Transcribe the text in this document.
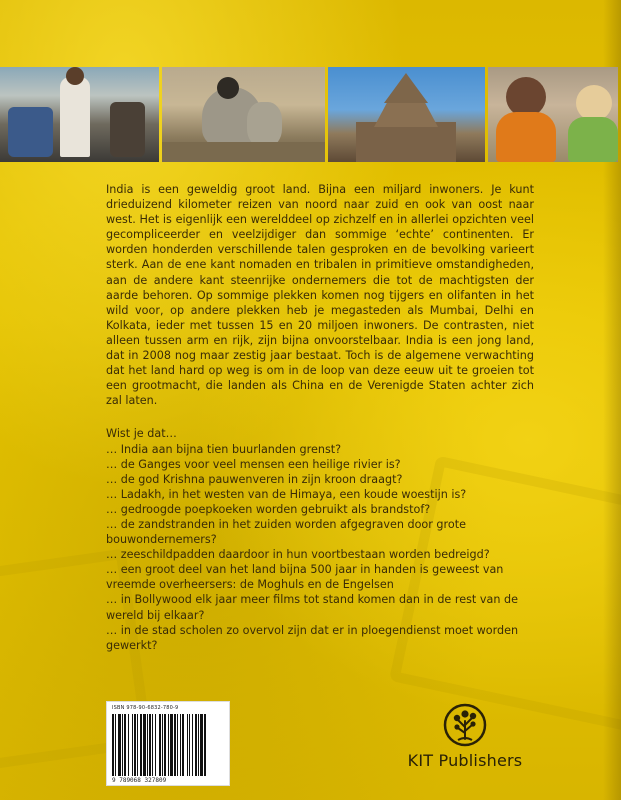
India is een geweldig groot land. Bijna een miljard inwoners. Je kunt drieduizend kilometer reizen van noord naar zuid en ook van oost naar west. Het is eigenlijk een werelddeel op zichzelf en in allerlei opzichten veel gecompliceerder en veelzijdiger dan sommige ‘echte’ continenten. Er worden honderden verschillende talen gesproken en de bevolking varieert sterk. Aan de ene kant nomaden en tribalen in primitieve omstandigheden, aan de andere kant steenrijke ondernemers die tot de machtigsten der aarde behoren. Op sommige plekken komen nog tijgers en olifanten in het wild voor, op andere plekken heb je megasteden als Mumbai, Delhi en Kolkata, ieder met tussen 15 en 20 miljoen inwoners. De contrasten, niet alleen tussen arm en rijk, zijn bijna onvoorstelbaar. India is een jong land, dat in 2008 nog maar zestig jaar bestaat. Toch is de algemene verwachting dat het land hard op weg is om in de loop van deze eeuw uit te groeien tot een grootmacht, die landen als China en de Verenigde Staten achter zich zal laten.

Wist je dat…

… India aan bijna tien buurlanden grenst?
… de Ganges voor veel mensen een heilige rivier is?
… de god Krishna pauwenveren in zijn kroon draagt?
… Ladakh, in het westen van de Himaya, een koude woestijn is?
… gedroogde poepkoeken worden gebruikt als brandstof?
… de zandstranden in het zuiden worden afgegraven door grote bouwondernemers?
… zeeschildpadden daardoor in hun voortbestaan worden bedreigd?
… een groot deel van het land bijna 500 jaar in handen is geweest van vreemde overheersers: de Moghuls en de Engelsen
… in Bollywood elk jaar meer films tot stand komen dan in de rest van de wereld bij elkaar?
… in de stad scholen zo overvol zijn dat er in ploegendienst moet worden gewerkt?
ISBN 978-90-6832-780-9
9 789068 327809
KIT Publishers
